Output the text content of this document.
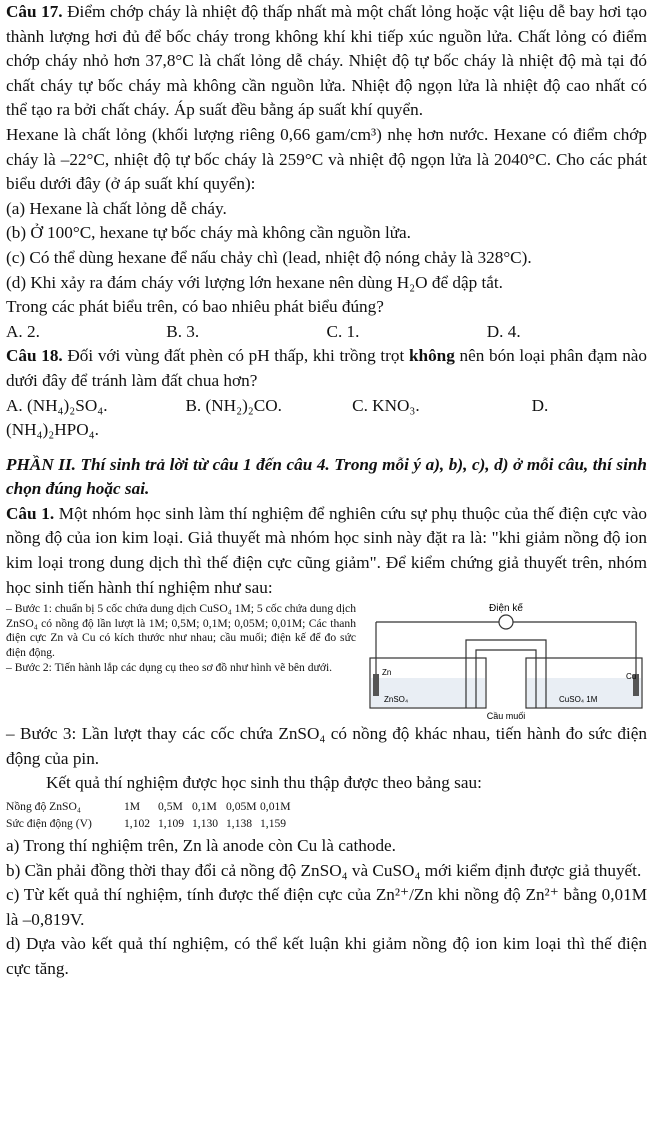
Câu 17. Điểm chớp cháy là nhiệt độ thấp nhất mà một chất lỏng hoặc vật liệu dễ bay hơi tạo thành lượng hơi đủ để bốc cháy trong không khí khi tiếp xúc nguồn lửa. Chất lỏng có điểm chớp cháy nhỏ hơn 37,8°C là chất lỏng dễ cháy. Nhiệt độ tự bốc cháy là nhiệt độ mà tại đó chất cháy tự bốc cháy mà không cần nguồn lửa. Nhiệt độ ngọn lửa là nhiệt độ cao nhất có thể tạo ra bởi chất cháy. Áp suất đều bằng áp suất khí quyển.

Hexane là chất lỏng (khối lượng riêng 0,66 gam/cm³) nhẹ hơn nước. Hexane có điểm chớp cháy là –22°C, nhiệt độ tự bốc cháy là 259°C và nhiệt độ ngọn lửa là 2040°C. Cho các phát biểu dưới đây (ở áp suất khí quyển):

(a) Hexane là chất lỏng dễ cháy.

(b) Ở 100°C, hexane tự bốc cháy mà không cần nguồn lửa.

(c) Có thể dùng hexane để nấu chảy chì (lead, nhiệt độ nóng chảy là 328°C).

(d) Khi xảy ra đám cháy với lượng lớn hexane nên dùng H₂O để dập tắt.

Trong các phát biểu trên, có bao nhiêu phát biểu đúng?

A. 2.	B. 3.	C. 1.	D. 4.

Câu 18. Đối với vùng đất phèn có pH thấp, khi trồng trọt không nên bón loại phân đạm nào dưới đây để tránh làm đất chua hơn?

A. (NH₄)₂SO₄.	B. (NH₂)₂CO.	C. KNO₃.	D.

(NH₄)₂HPO₄.

PHẦN II. Thí sinh trả lời từ câu 1 đến câu 4. Trong mỗi ý a), b), c), d) ở mỗi câu, thí sinh chọn đúng hoặc sai.

Câu 1. Một nhóm học sinh làm thí nghiệm để nghiên cứu sự phụ thuộc của thế điện cực vào nồng độ của ion kim loại. Giả thuyết mà nhóm học sinh này đặt ra là: "khi giảm nồng độ ion kim loại trong dung dịch thì thế điện cực cũng giảm". Để kiểm chứng giả thuyết trên, nhóm học sinh tiến hành thí nghiệm như sau:

– Bước 1: chuẩn bị 5 cốc chứa dung dịch CuSO₄ 1M; 5 cốc chứa dung dịch ZnSO₄ có nồng độ lần lượt là 1M; 0,5M; 0,1M; 0,05M; 0,01M; Các thanh điện cực Zn và Cu có kích thước như nhau; cầu muối; điện kế để đo sức điện động.

– Bước 2: Tiến hành lắp các dụng cụ theo sơ đồ như hình vẽ bên dưới.

Điện kế
Zn	Cu
ZnSO₄	CuSO₄ 1M
Cầu muối

– Bước 3: Lần lượt thay các cốc chứa ZnSO₄ có nồng độ khác nhau, tiến hành đo sức điện động của pin.

Kết quả thí nghiệm được học sinh thu thập được theo bảng sau:

Nồng độ ZnSO₄	1M	0,5M 0,1M 0,05M 0,01M
Sức điện động (V)	1,102 1,109 1,130 1,138 1,159

a) Trong thí nghiệm trên, Zn là anode còn Cu là cathode.

b) Cần phải đồng thời thay đổi cả nồng độ ZnSO₄ và CuSO₄ mới kiểm định được giả thuyết.

c) Từ kết quả thí nghiệm, tính được thế điện cực của Zn²⁺/Zn khi nồng độ Zn²⁺ bằng 0,01M là –0,819V.

d) Dựa vào kết quả thí nghiệm, có thể kết luận khi giảm nồng độ ion kim loại thì thế điện cực tăng.
